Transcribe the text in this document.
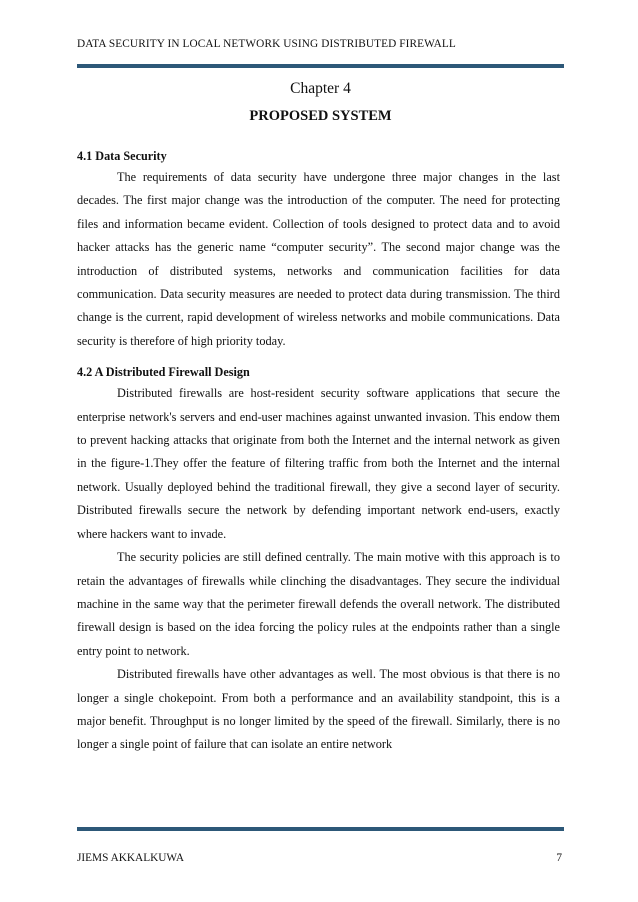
DATA SECURITY IN LOCAL NETWORK USING DISTRIBUTED FIREWALL
Chapter 4
PROPOSED SYSTEM

4.1 Data Security

The requirements of data security have undergone three major changes in the last decades. The first major change was the introduction of the computer. The need for protecting files and information became evident. Collection of tools designed to protect data and to avoid hacker attacks has the generic name “computer security”. The second major change was the introduction of distributed systems, networks and communication facilities for data communication. Data security measures are needed to protect data during transmission. The third change is the current, rapid development of wireless networks and mobile communications. Data security is therefore of high priority today.

4.2 A Distributed Firewall Design

Distributed firewalls are host-resident security software applications that secure the enterprise network's servers and end-user machines against unwanted invasion. This endow them to prevent hacking attacks that originate from both the Internet and the internal network as given in the figure-1.They offer the feature of filtering traffic from both the Internet and the internal network. Usually deployed behind the traditional firewall, they give a second layer of security. Distributed firewalls secure the network by defending important network end-users, exactly where hackers want to invade.

The security policies are still defined centrally. The main motive with this approach is to retain the advantages of firewalls while clinching the disadvantages. They secure the individual machine in the same way that the perimeter firewall defends the overall network. The distributed firewall design is based on the idea forcing the policy rules at the endpoints rather than a single entry point to network.

Distributed firewalls have other advantages as well. The most obvious is that there is no longer a single chokepoint. From both a performance and an availability standpoint, this is a major benefit. Throughput is no longer limited by the speed of the firewall. Similarly, there is no longer a single point of failure that can isolate an entire network

JIEMS AKKALKUWA	7
